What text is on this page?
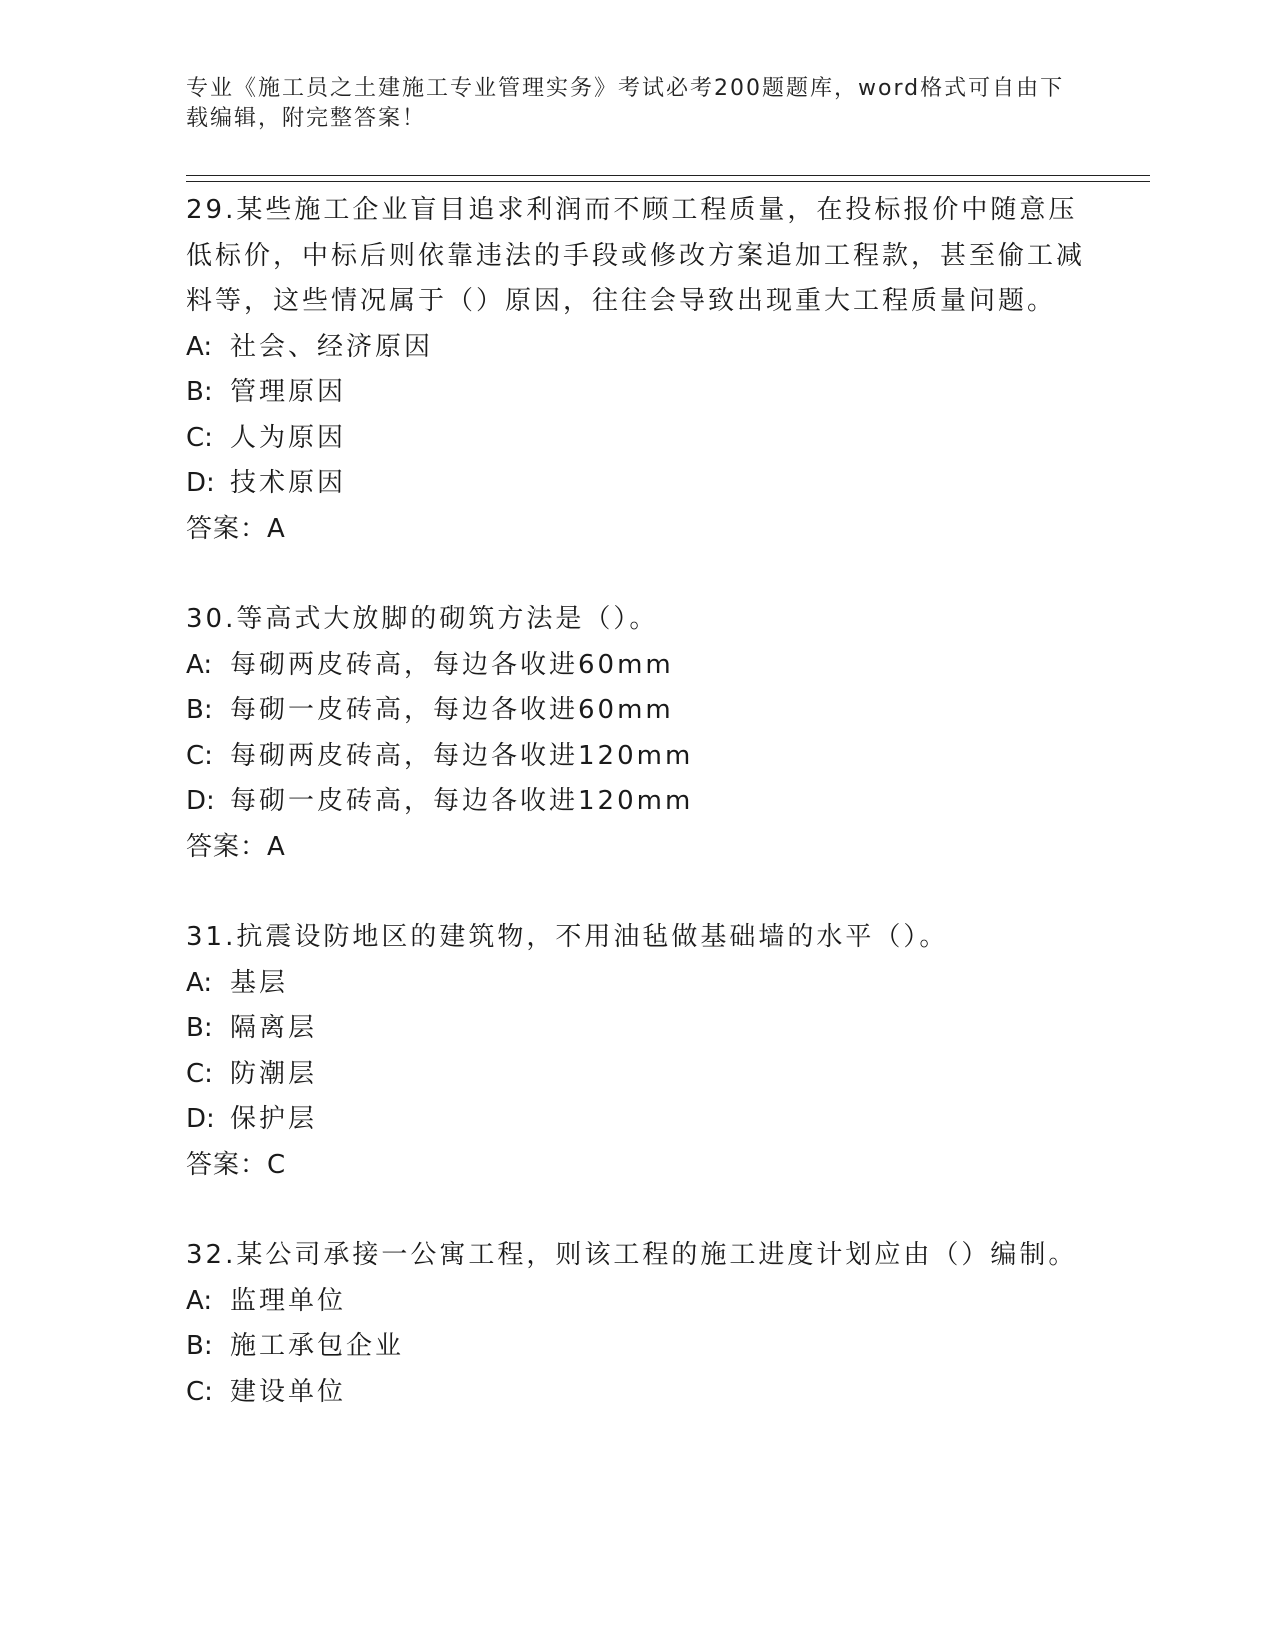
专业《施工员之土建施工专业管理实务》考试必考200题题库，word格式可自由下载编辑，附完整答案！

29.某些施工企业盲目追求利润而不顾工程质量，在投标报价中随意压低标价，中标后则依靠违法的手段或修改方案追加工程款，甚至偷工减料等，这些情况属于（）原因，往往会导致出现重大工程质量问题。

A: 社会、经济原因

B: 管理原因

C: 人为原因

D: 技术原因

答案：A

30.等高式大放脚的砌筑方法是（）。

A: 每砌两皮砖高，每边各收进60mm

B: 每砌一皮砖高，每边各收进60mm

C: 每砌两皮砖高，每边各收进120mm

D: 每砌一皮砖高，每边各收进120mm

答案：A

31.抗震设防地区的建筑物，不用油毡做基础墙的水平（）。

A: 基层

B: 隔离层

C: 防潮层

D: 保护层

答案：C

32.某公司承接一公寓工程，则该工程的施工进度计划应由（）编制。

A: 监理单位

B: 施工承包企业

C: 建设单位
